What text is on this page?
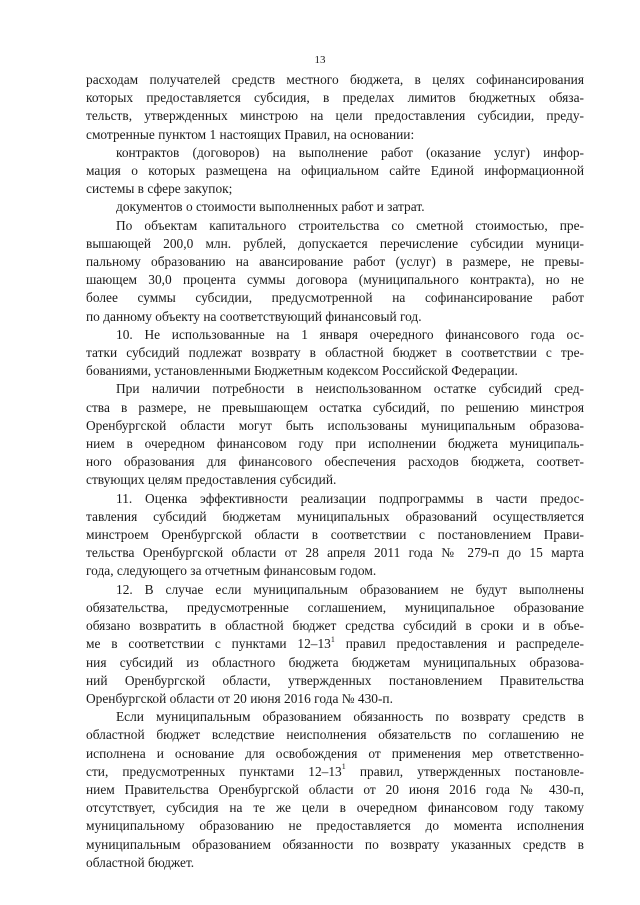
13
расходам получателей средств местного бюджета, в целях софинансирования
которых предоставляется субсидия, в пределах лимитов бюджетных обяза-
тельств, утвержденных минстрою на цели предоставления субсидии, преду-
смотренные пунктом 1 настоящих Правил, на основании:
контрактов (договоров) на выполнение работ (оказание услуг) инфор-
мация о которых размещена на официальном сайте Единой информационной
системы в сфере закупок;
документов о стоимости выполненных работ и затрат.
По объектам капитального строительства со сметной стоимостью, пре-
вышающей 200,0 млн. рублей, допускается перечисление субсидии муници-
пальному образованию на авансирование работ (услуг) в размере, не превы-
шающем 30,0 процента суммы договора (муниципального контракта), но не
более суммы субсидии, предусмотренной на софинансирование работ
по данному объекту на соответствующий финансовый год.
10. Не использованные на 1 января очередного финансового года ос-
татки субсидий подлежат возврату в областной бюджет в соответствии с тре-
бованиями, установленными Бюджетным кодексом Российской Федерации.
При наличии потребности в неиспользованном остатке субсидий сред-
ства в размере, не превышающем остатка субсидий, по решению минстроя
Оренбургской области могут быть использованы муниципальным образова-
нием в очередном финансовом году при исполнении бюджета муниципаль-
ного образования для финансового обеспечения расходов бюджета, соответ-
ствующих целям предоставления субсидий.
11. Оценка эффективности реализации подпрограммы в части предос-
тавления субсидий бюджетам муниципальных образований осуществляется
минстроем Оренбургской области в соответствии с постановлением Прави-
тельства Оренбургской области от 28 апреля 2011 года № 279-п до 15 марта
года, следующего за отчетным финансовым годом.
12. В случае если муниципальным образованием не будут выполнены
обязательства, предусмотренные соглашением, муниципальное образование
обязано возвратить в областной бюджет средства субсидий в сроки и в объе-
ме в соответствии с пунктами $12-13^1$ правил предоставления и распределе-
ния субсидий из областного бюджета бюджетам муниципальных образова-
ний Оренбургской области, утвержденных постановлением Правительства
Оренбургской области от 20 июня 2016 года № 430-п.
Если муниципальным образованием обязанность по возврату средств в
областной бюджет вследствие неисполнения обязательств по соглашению не
исполнена и основание для освобождения от применения мер ответственно-
сти, предусмотренных пунктами $12-13^1$ правил, утвержденных постановле-
нием Правительства Оренбургской области от 20 июня 2016 года № 430-п,
отсутствует, субсидия на те же цели в очередном финансовом году такому
муниципальному образованию не предоставляется до момента исполнения
муниципальным образованием обязанности по возврату указанных средств в
областной бюджет.
